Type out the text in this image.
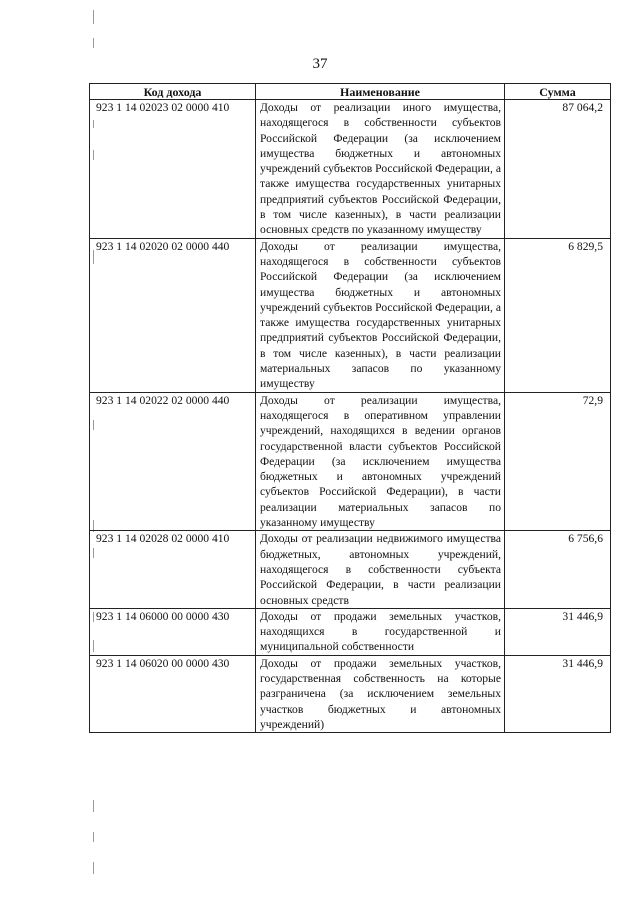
37
Код дохода	Наименование	Сумма
923 1 14 02023 02 0000 410	Доходы от реализации иного имущества, находящегося в собственности субъектов Российской Федерации (за исключением имущества бюджетных и автономных учреждений субъектов Российской Федерации, а также имущества государственных унитарных предприятий субъектов Российской Федерации, в том числе казенных), в части реализации основных средств по указанному имуществу	87 064,2
923 1 14 02020 02 0000 440	Доходы от реализации имущества, находящегося в собственности субъектов Российской Федерации (за исключением имущества бюджетных и автономных учреждений субъектов Российской Федерации, а также имущества государственных унитарных предприятий субъектов Российской Федерации, в том числе казенных), в части реализации материальных запасов по указанному имуществу	6 829,5
923 1 14 02022 02 0000 440	Доходы от реализации имущества, находящегося в оперативном управлении учреждений, находящихся в ведении органов государственной власти субъектов Российской Федерации (за исключением имущества бюджетных и автономных учреждений субъектов Российской Федерации), в части реализации материальных запасов по указанному имуществу	72,9
923 1 14 02028 02 0000 410	Доходы от реализации недвижимого имущества бюджетных, автономных учреждений, находящегося в собственности субъекта Российской Федерации, в части реализации основных средств	6 756,6
923 1 14 06000 00 0000 430	Доходы от продажи земельных участков, находящихся в государственной и муниципальной собственности	31 446,9
923 1 14 06020 00 0000 430	Доходы от продажи земельных участков, государственная собственность на которые разграничена (за исключением земельных участков бюджетных и автономных учреждений)	31 446,9
